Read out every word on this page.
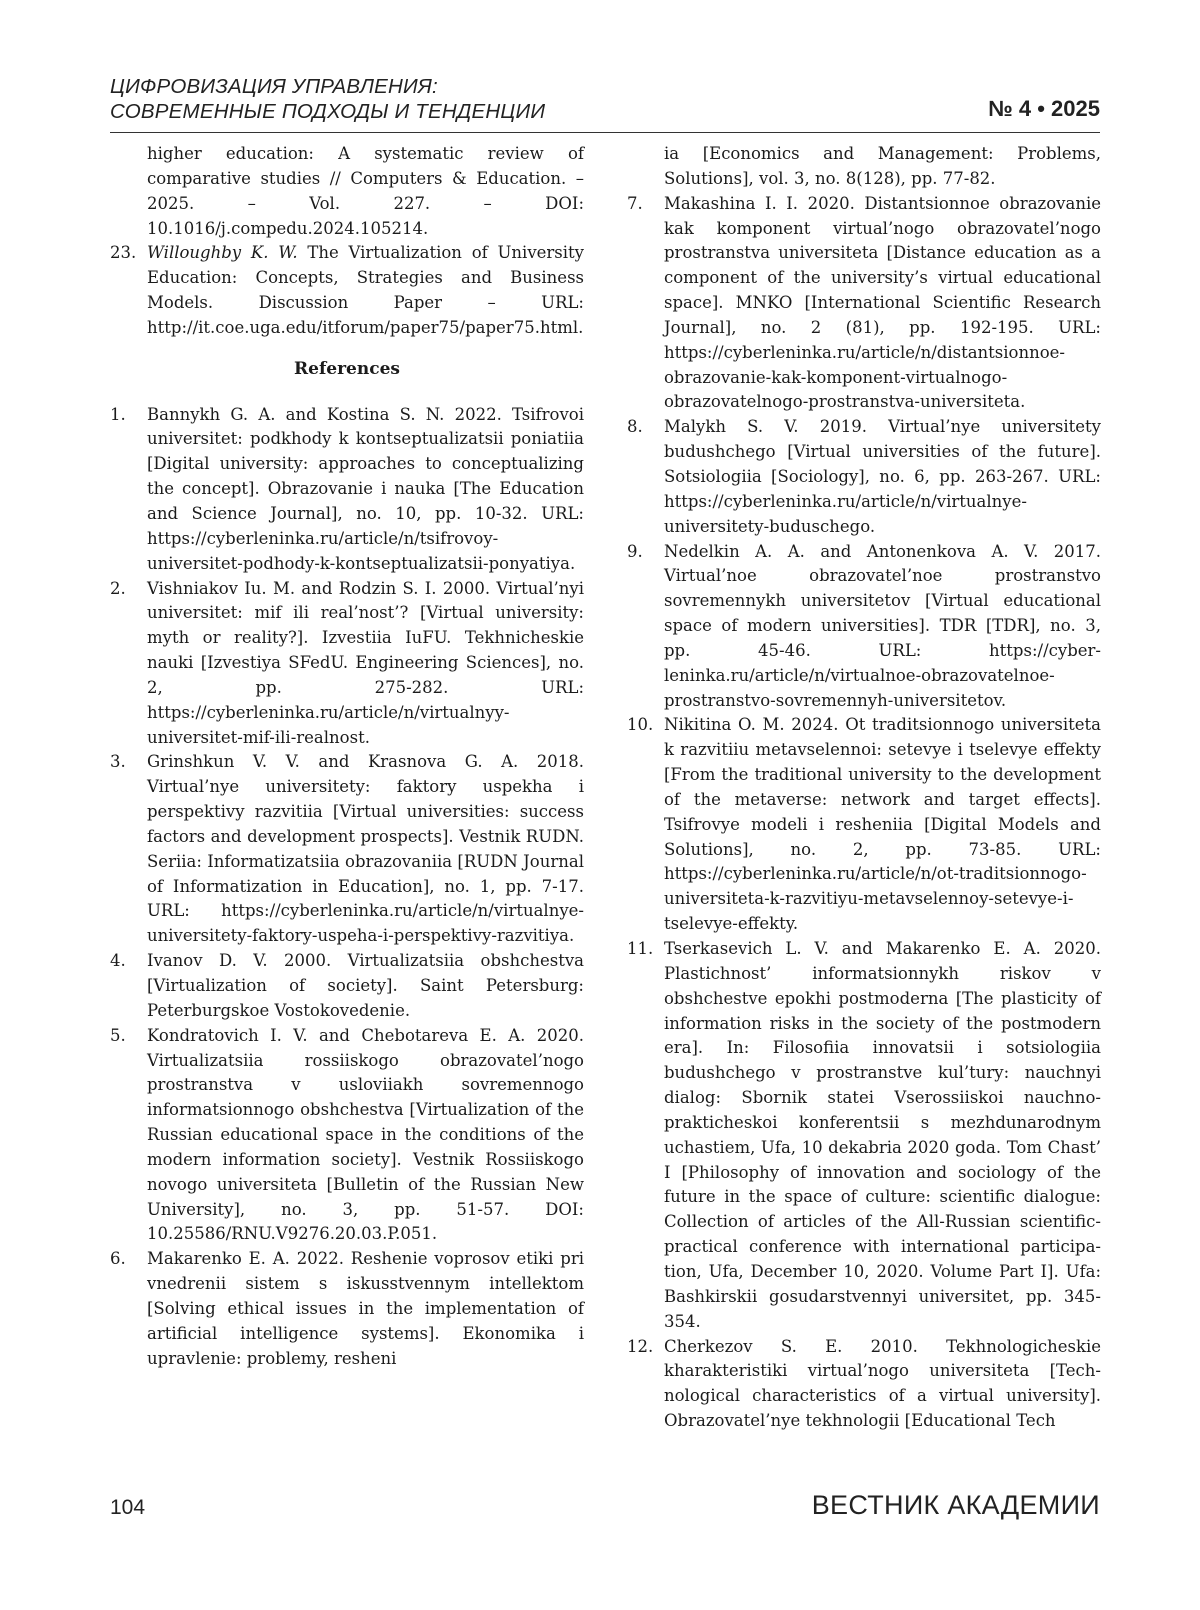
ЦИФРОВИЗАЦИЯ УПРАВЛЕНИЯ:
СОВРЕМЕННЫЕ ПОДХОДЫ И ТЕНДЕНЦИИ	№ 4 • 2025
higher education: A systematic review of comparative studies // Computers & Education. – 2025. – Vol. 227. – DOI: 10.1016/j.compedu.2024.105214.
23. Willoughby K. W. The Virtualization of University Education: Concepts, Strategies and Business Models. Discussion Paper – URL: http://it.coe.uga.edu/itforum/paper75/paper75.html.
References
1. Bannykh G. A. and Kostina S. N. 2022. Tsifrovoi universitet: podkhody k kontseptualizatsii poniatiia [Digital university: approaches to conceptualizing the concept]. Obrazovanie i nauka [The Education and Science Journal], no. 10, pp. 10-32. URL: https://cyberleninka.ru/article/n/tsifrovoy-universitet-podhody-k-kontseptualizatsii-ponyatiya.
2. Vishniakov Iu. M. and Rodzin S. I. 2000. Virtual’nyi universitet: mif ili real’nost’? [Virtual university: myth or reality?]. Izvestiia IuFU. Tekhnicheskie nauki [Izvestiya SFedU. Engineering Sciences], no. 2, pp. 275-282. URL: https://cyberleninka.ru/article/n/virtualnyy-universitet-mif-ili-realnost.
3. Grinshkun V. V. and Krasnova G. A. 2018. Virtual’nye universitety: faktory uspekha i perspektivy razvitiia [Virtual universities: success factors and development prospects]. Vestnik RUDN. Seriia: Informatizatsiia obrazovaniia [RUDN Journal of Informatization in Education], no. 1, pp. 7-17. URL: https://cyberleninka.ru/article/n/virtualnye-universitety-faktory-uspeha-i-perspektivy-razvitiya.
4. Ivanov D. V. 2000. Virtualizatsiia obshchestva [Virtualization of society]. Saint Petersburg: Peterburgskoe Vostokovedenie.
5. Kondratovich I. V. and Chebotareva E. A. 2020. Virtualizatsiia rossiiskogo obrazovatel’nogo prostranstva v usloviiakh sovremennogo informatsionnogo obshchestva [Virtualization of the Russian educational space in the conditions of the modern information society]. Vestnik Rossiiskogo novogo universiteta [Bulletin of the Russian New University], no. 3, pp. 51-57. DOI: 10.25586/RNU.V9276.20.03.P.051.
6. Makarenko E. A. 2022. Reshenie voprosov etiki pri vnedrenii sistem s iskusstvennym intellektom [Solving ethical issues in the implementation of artificial intelligence systems]. Ekonomika i upravlenie: problemy, resheni
ia [Economics and Management: Problems, Solutions], vol. 3, no. 8(128), pp. 77-82.
7. Makashina I. I. 2020. Distantsionnoe obrazovanie kak komponent virtual’nogo obrazovatel’nogo prostranstva universiteta [Distance education as a component of the university’s virtual educational space]. MNKO [International Scientific Research Journal], no. 2 (81), pp. 192-195. URL: https://cyberleninka.ru/article/n/distantsionnoe-obrazovanie-kak-komponent-virtualnogo-obrazovatelnogo-prostranstva-universiteta.
8. Malykh S. V. 2019. Virtual’nye universitety budushchego [Virtual universities of the future]. Sotsiologiia [Sociology], no. 6, pp. 263-267. URL: https://cyberleninka.ru/article/n/virtualnye-universitety-buduschego.
9. Nedelkin A. A. and Antonenkova A. V. 2017. Virtual’noe obrazovatel’noe prostranstvo sovremennykh universitetov [Virtual educational space of modern universities]. TDR [TDR], no. 3, pp. 45-46. URL: https://cyberleninka.ru/article/n/virtualnoe-obrazovatelnoe-prostranstvo-sovremennyh-universitetov.
10. Nikitina O. M. 2024. Ot traditsionnogo universiteta k razvitiiu metavselennoi: setevye i tselevye effekty [From the traditional university to the development of the metaverse: network and target effects]. Tsifrovye modeli i resheniia [Digital Models and Solutions], no. 2, pp. 73-85. URL: https://cyberleninka.ru/article/n/ot-traditsionnogo-universiteta-k-razvitiyu-metavselennoy-setevye-i-tselevye-effekty.
11. Tserkasevich L. V. and Makarenko E. A. 2020. Plastichnost’ informatsionnykh riskov v obshchestve epokhi postmoderna [The plasticity of information risks in the society of the postmodern era]. In: Filosofiia innovatsii i sotsiologiia budushchego v prostranstve kul’tury: nauchnyi dialog: Sbornik statei Vserossiiskoi nauchno-prakticheskoi konferentsii s mezhdunarodnym uchastiem, Ufa, 10 dekabria 2020 goda. Tom Chast’ I [Philosophy of innovation and sociology of the future in the space of culture: scientific dialogue: Collection of articles of the All-Russian scientific-practical conference with international participation, Ufa, December 10, 2020. Volume Part I]. Ufa: Bashkirskii gosudarstvennyi universitet, pp. 345-354.
12. Cherkezov S. E. 2010. Tekhnologicheskie kharakteristiki virtual’nogo universiteta [Technological characteristics of a virtual university]. Obrazovatel’nye tekhnologii [Educational Tech
104	ВЕСТНИК АКАДЕМИИ
